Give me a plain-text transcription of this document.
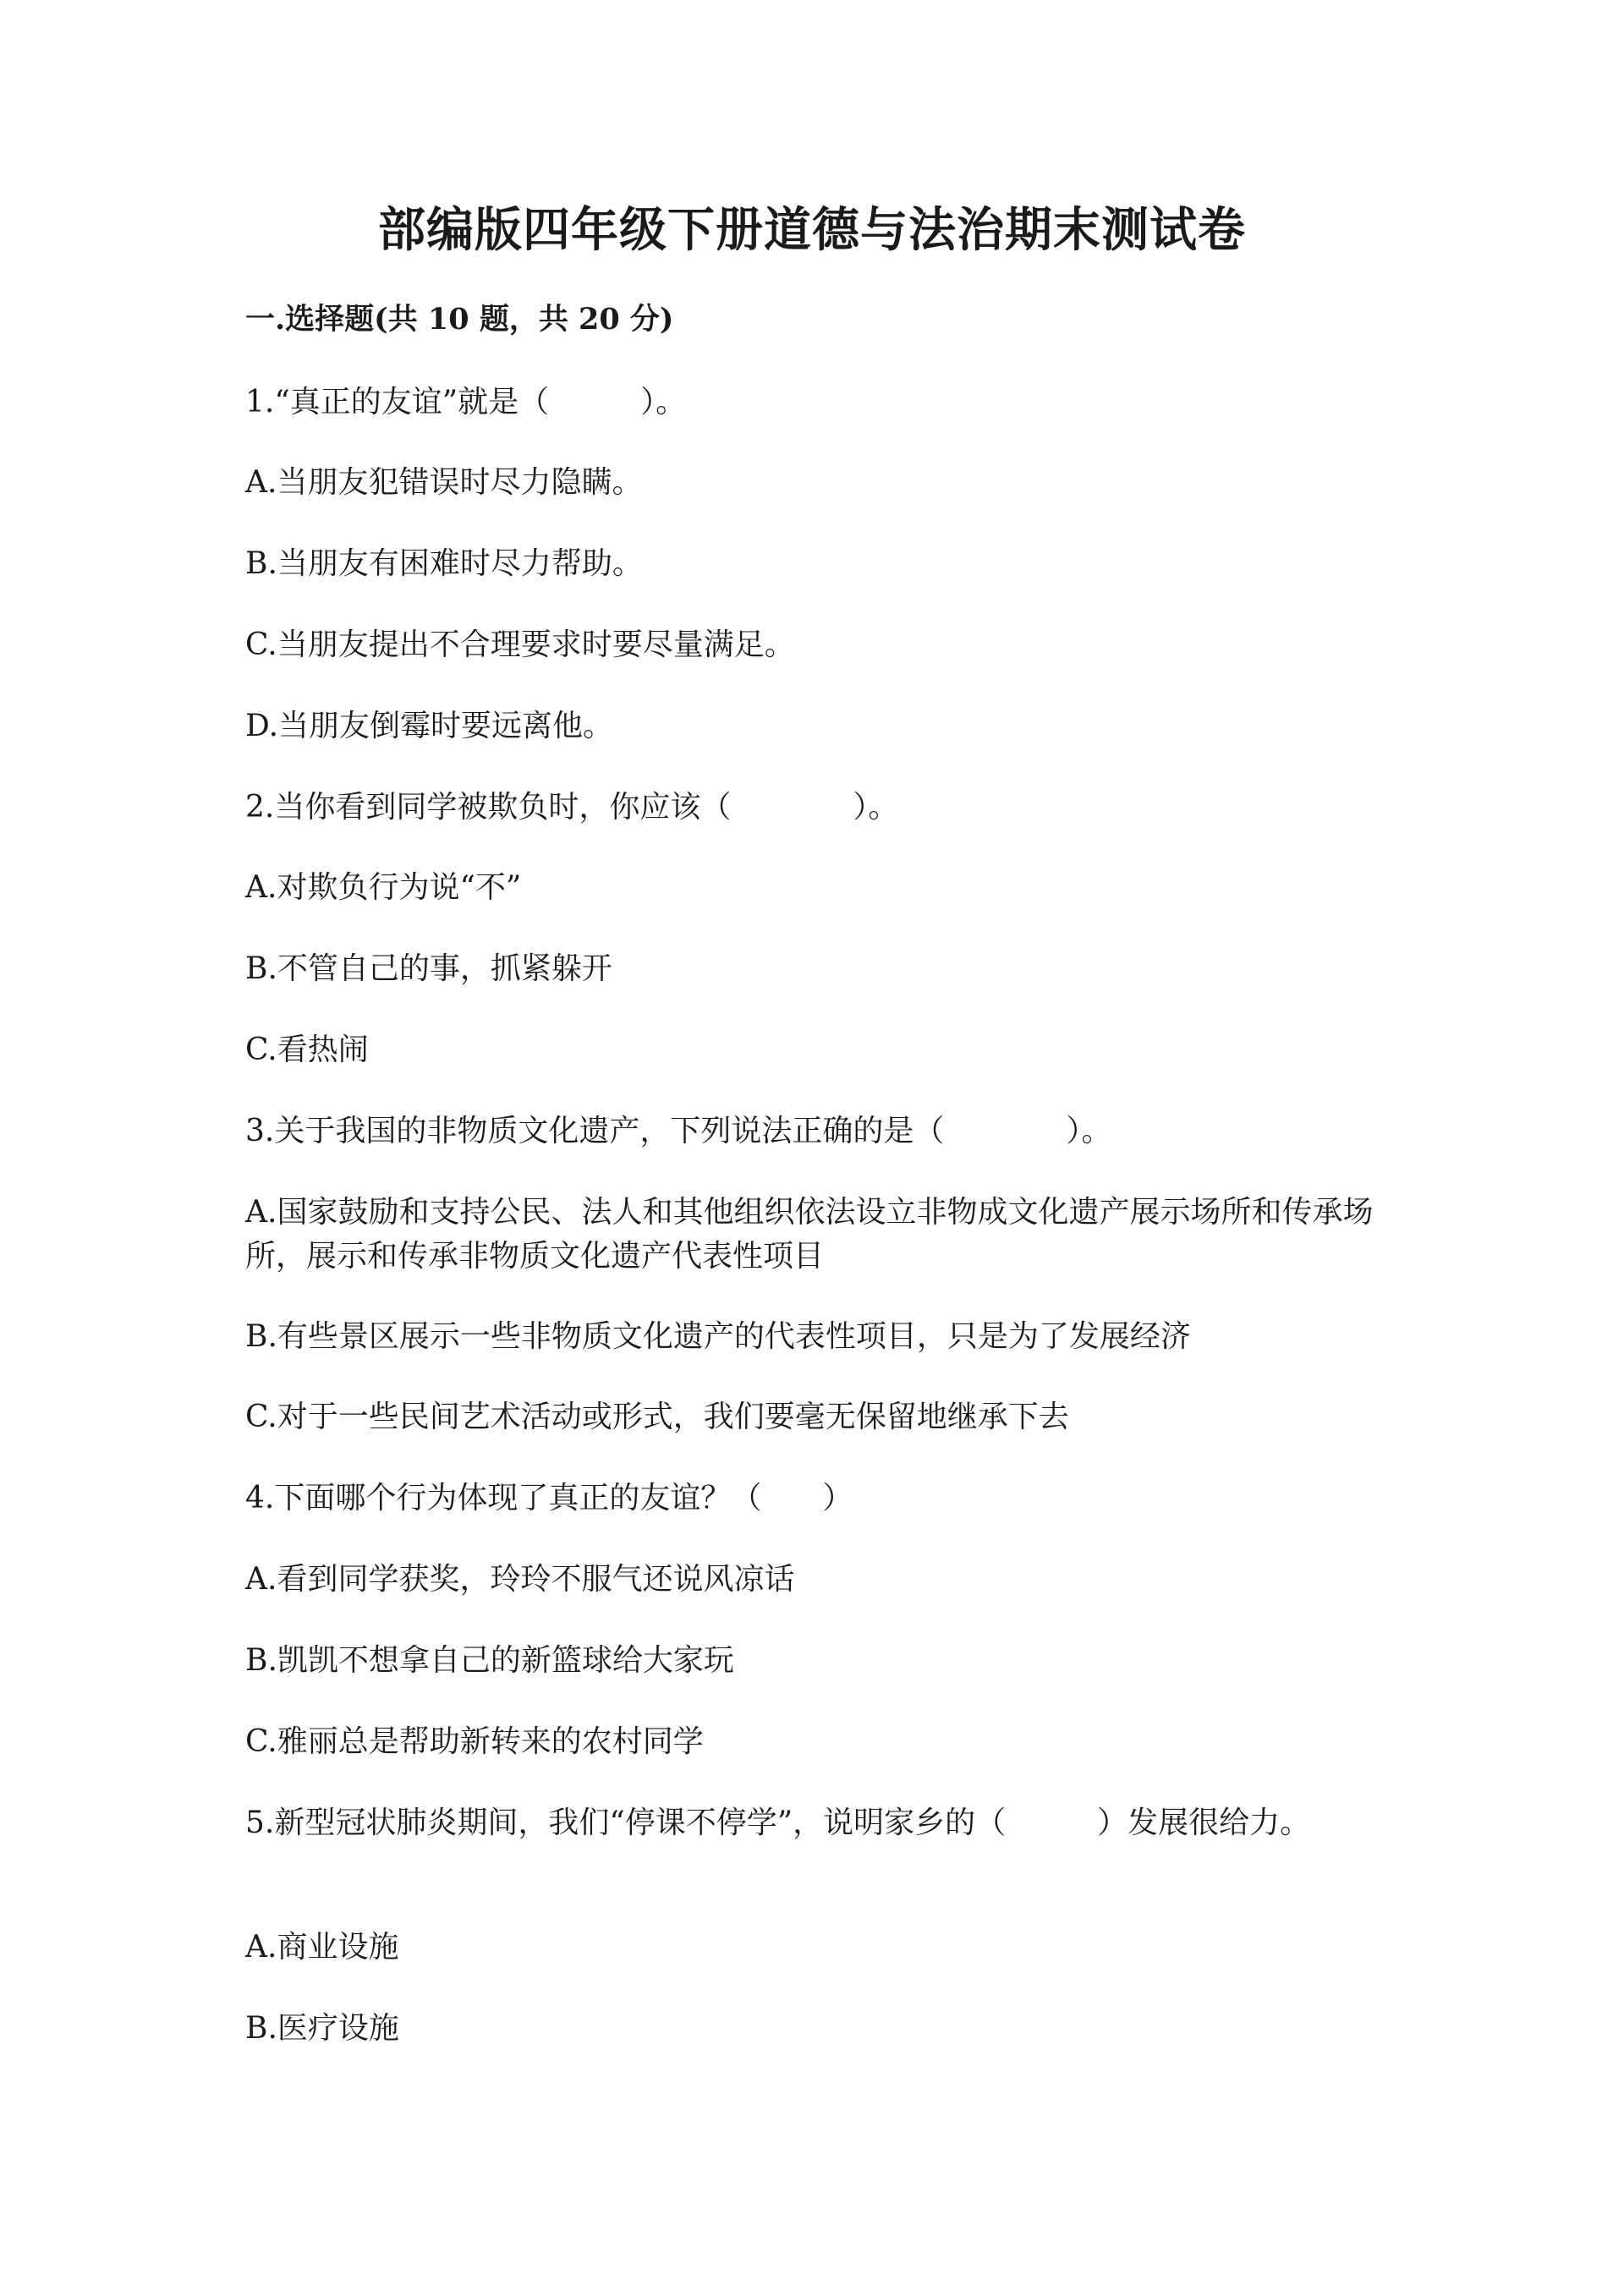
部编版四年级下册道德与法治期末测试卷
一.选择题(共 10 题，共 20 分)
1.“真正的友谊”就是（　　　）。
A.当朋友犯错误时尽力隐瞒。
B.当朋友有困难时尽力帮助。
C.当朋友提出不合理要求时要尽量满足。
D.当朋友倒霉时要远离他。
2.当你看到同学被欺负时，你应该（　　　　）。
A.对欺负行为说“不”
B.不管自己的事，抓紧躲开
C.看热闹
3.关于我国的非物质文化遗产，下列说法正确的是（　　　　）。
A.国家鼓励和支持公民、法人和其他组织依法设立非物成文化遗产展示场所和传承场所，展示和传承非物质文化遗产代表性项目
B.有些景区展示一些非物质文化遗产的代表性项目，只是为了发展经济
C.对于一些民间艺术活动或形式，我们要毫无保留地继承下去
4.下面哪个行为体现了真正的友谊？（　　）
A.看到同学获奖，玲玲不服气还说风凉话
B.凯凯不想拿自己的新篮球给大家玩
C.雅丽总是帮助新转来的农村同学
5.新型冠状肺炎期间，我们“停课不停学”，说明家乡的（　　　）发展很给力。
A.商业设施
B.医疗设施
